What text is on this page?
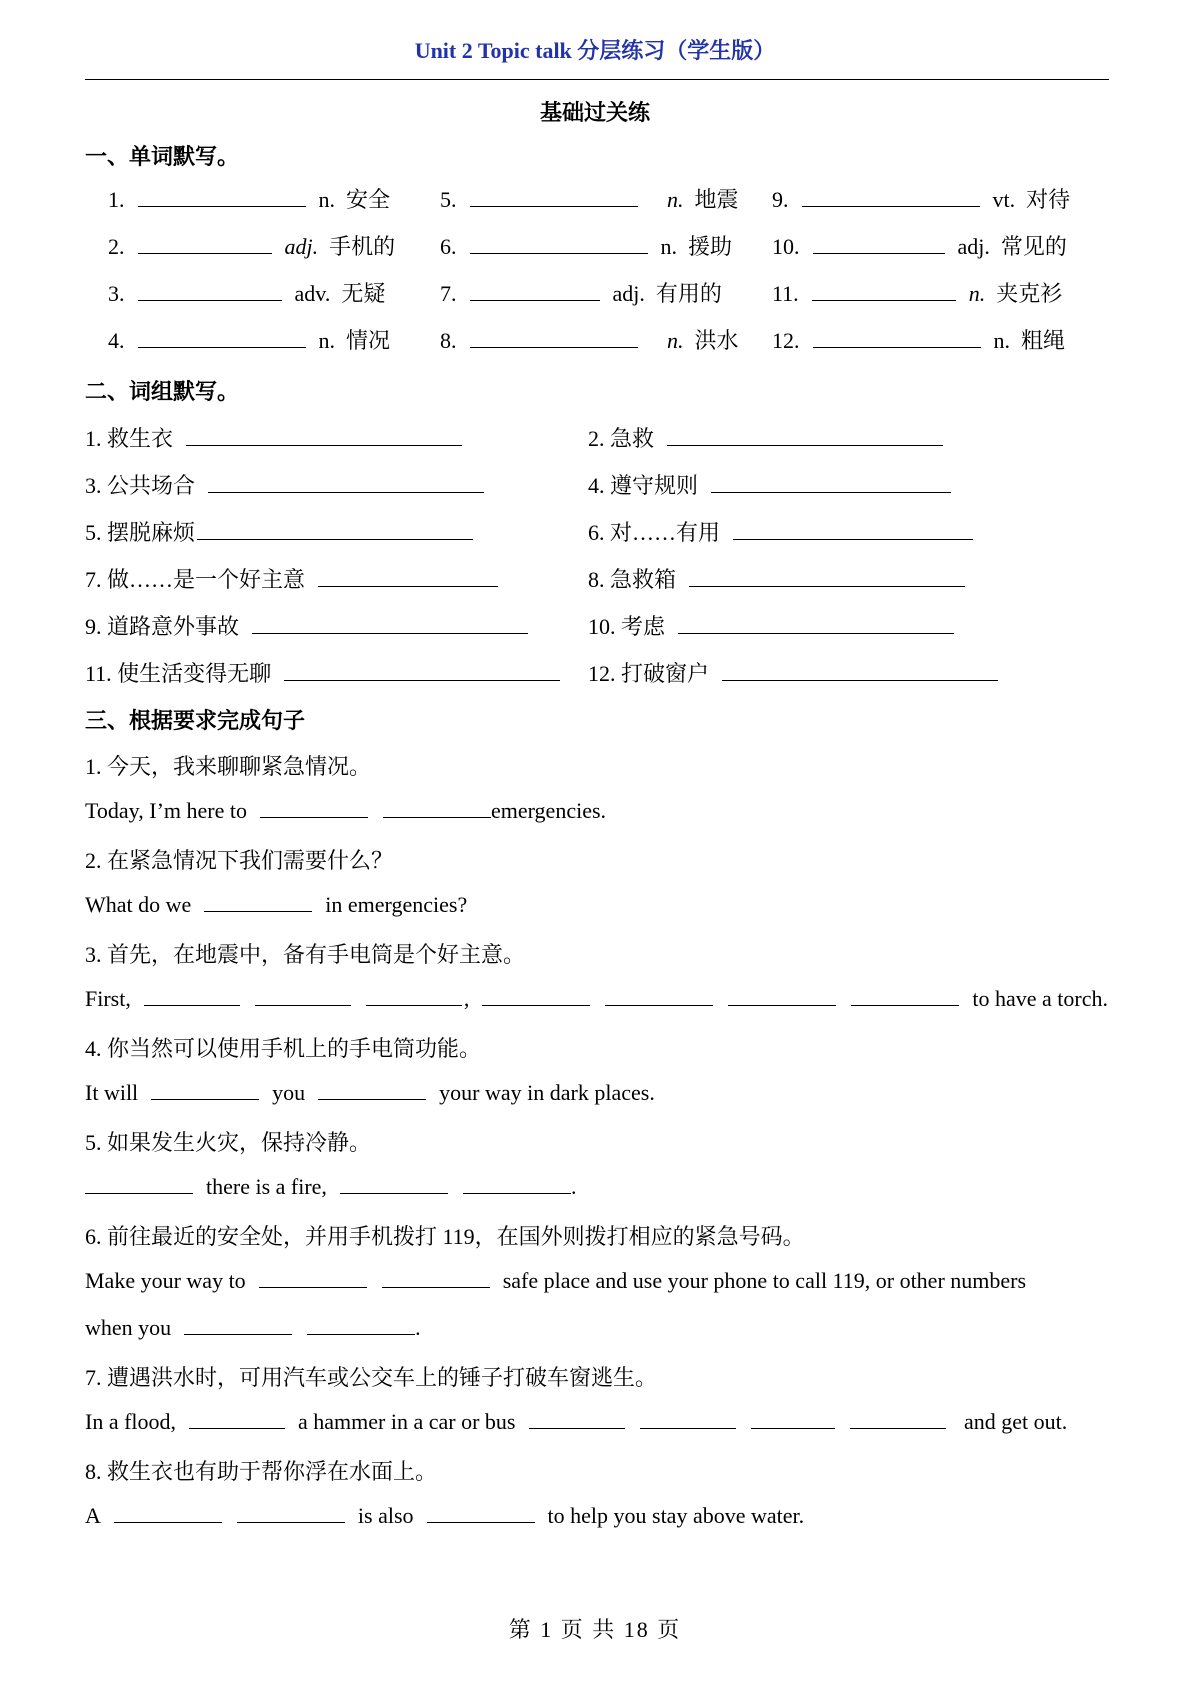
Unit 2 Topic talk 分层练习（学生版）
基础过关练
一、单词默写。
1.	n. 安全
2.	adj. 手机的
3.	adv. 无疑
4.	n. 情况
5.	n. 地震
6.	n. 援助
7.	adj. 有用的
8.	n. 洪水
9.	vt. 对待
10.	adj. 常见的
11.	n. 夹克衫
12.	n. 粗绳
二、词组默写。
1. 救生衣	2. 急救
3. 公共场合	4. 遵守规则
5. 摆脱麻烦	6. 对……有用
7. 做……是一个好主意	8. 急救箱
9. 道路意外事故	10. 考虑
11. 使生活变得无聊	12. 打破窗户
三、根据要求完成句子
1. 今天，我来聊聊紧急情况。
Today, I’m here to	emergencies.
2. 在紧急情况下我们需要什么？
What do we	in emergencies?
3. 首先，在地震中，备有手电筒是个好主意。
First,	,	to have a torch.
4. 你当然可以使用手机上的手电筒功能。
It will	you	your way in dark places.
5. 如果发生火灾，保持冷静。
there is a fire,	.
6. 前往最近的安全处，并用手机拨打 119，在国外则拨打相应的紧急号码。
Make your way to	safe place and use your phone to call 119, or other numbers
when you	.
7. 遭遇洪水时，可用汽车或公交车上的锤子打破车窗逃生。
In a flood,	a hammer in a car or bus	and get out.
8. 救生衣也有助于帮你浮在水面上。
A	is also	to help you stay above water.
第 1 页 共 18 页
